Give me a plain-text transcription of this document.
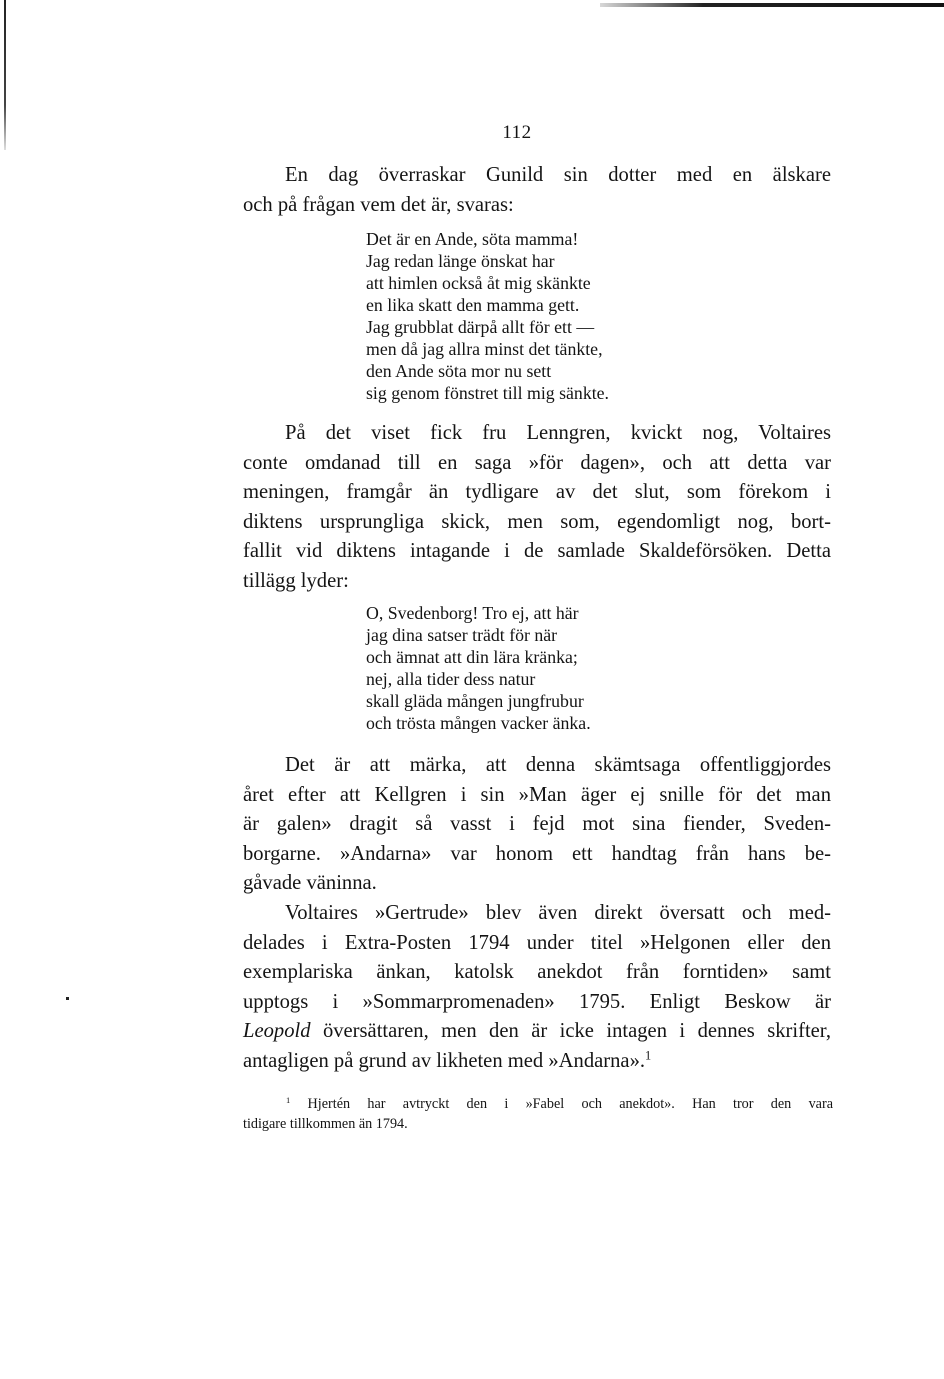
112
En dag överraskar Gunild sin dotter med en älskare
och på frågan vem det är, svaras:
Det är en Ande, söta mamma!
Jag redan länge önskat har
att himlen också åt mig skänkte
en lika skatt den mamma gett.
Jag grubblat därpå allt för ett —
men då jag allra minst det tänkte,
den Ande söta mor nu sett
sig genom fönstret till mig sänkte.
På det viset fick fru Lenngren, kvickt nog, Voltaires
conte omdanad till en saga »för dagen», och att detta var
meningen, framgår än tydligare av det slut, som förekom i
diktens ursprungliga skick, men som, egendomligt nog, bort-
fallit vid diktens intagande i de samlade Skaldeförsöken. Detta
tillägg lyder:
O, Svedenborg! Tro ej, att här
jag dina satser trädt för när
och ämnat att din lära kränka;
nej, alla tider dess natur
skall gläda mången jungfrubur
och trösta mången vacker änka.
Det är att märka, att denna skämtsaga offentliggjordes
året efter att Kellgren i sin »Man äger ej snille för det man
är galen» dragit så vasst i fejd mot sina fiender, Sveden-
borgarne. »Andarna» var honom ett handtag från hans be-
gåvade väninna.
Voltaires »Gertrude» blev även direkt översatt och med-
delades i Extra-Posten 1794 under titel »Helgonen eller den
exemplariska änkan, katolsk anekdot från forntiden» samt
upptogs i »Sommarpromenaden» 1795. Enligt Beskow är
Leopold översättaren, men den är icke intagen i dennes skrifter,
antagligen på grund av likheten med »Andarna».$^1$
$^1$ Hjertén har avtryckt den i »Fabel och anekdot». Han tror den vara
tidigare tillkommen än 1794.
